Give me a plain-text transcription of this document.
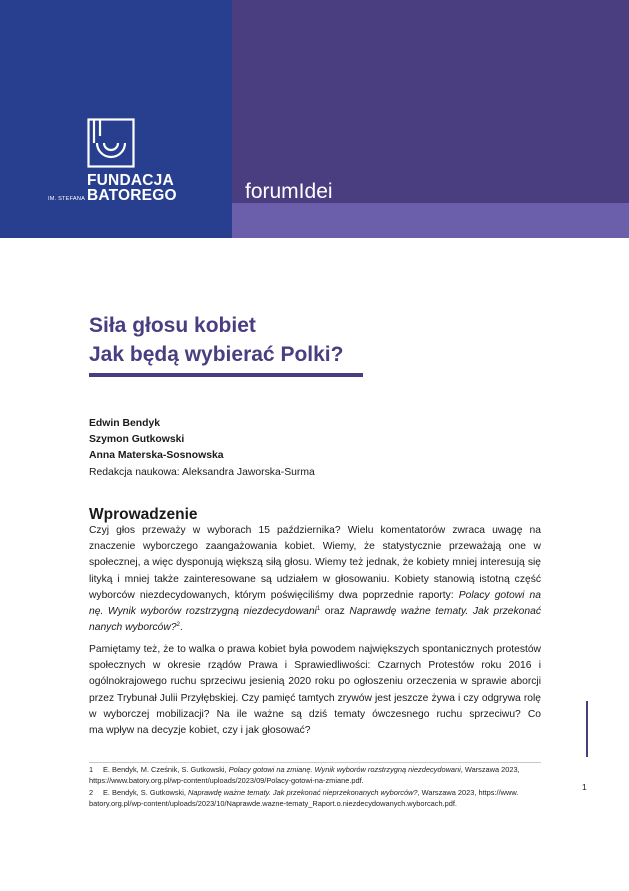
FUNDACJA
BATOREGO
IM. STEFANA	forumIdei
Siła głosu kobiet
Jak będą wybierać Polki?
Edwin Bendyk
Szymon Gutkowski
Anna Materska-Sosnowska
Redakcja naukowa: Aleksandra Jaworska-Surma
Wprowadzenie
Czyj głos przeważy w wyborach 15 października? Wielu komentatorów zwraca uwagę na
znaczenie wyborczego zaangażowania kobiet. Wiemy, że statystycznie przeważają one w
społecznej, a więc dysponują większą siłą głosu. Wiemy też jednak, że kobiety mniej interesują się
lityką i mniej także zainteresowane są udziałem w głosowaniu. Kobiety stanowią istotną część
wyborców niezdecydowanych, którym poświęciliśmy dwa poprzednie raporty: Polacy gotowi na
nę. Wynik wyborów rozstrzygną niezdecydowani$^1$ oraz Naprawdę ważne tematy. Jak przekonać
nanych wyborców?$^2$.
Pamiętamy też, że to walka o prawa kobiet była powodem największych spontanicznych protestów
społecznych w okresie rządów Prawa i Sprawiedliwości: Czarnych Protestów roku 2016 i
ogólnokrajowego ruchu sprzeciwu jesienią 2020 roku po ogłoszeniu orzeczenia w sprawie aborcji
przez Trybunał Julii Przyłębskiej. Czy pamięć tamtych zrywów jest jeszcze żywa i czy odgrywa rolę
w wyborczej mobilizacji? Na ile ważne są dziś tematy ówczesnego ruchu sprzeciwu? Co
ma wpływ na decyzje kobiet, czy i jak głosować?
1 E. Bendyk, M. Cześnik, S. Gutkowski, Polacy gotowi na zmianę. Wynik wyborów rozstrzygną niezdecydowani, Warszawa 2023,
https://www.batory.org.pl/wp-content/uploads/2023/09/Polacy-gotowi-na-zmiane.pdf.
2 E. Bendyk, S. Gutkowski, Naprawdę ważne tematy. Jak przekonać nieprzekonanych wyborców?, Warszawa 2023, https://www.
batory.org.pl/wp-content/uploads/2023/10/Naprawde.wazne-tematy_Raport.o.niezdecydowanych.wyborcach.pdf.
1
